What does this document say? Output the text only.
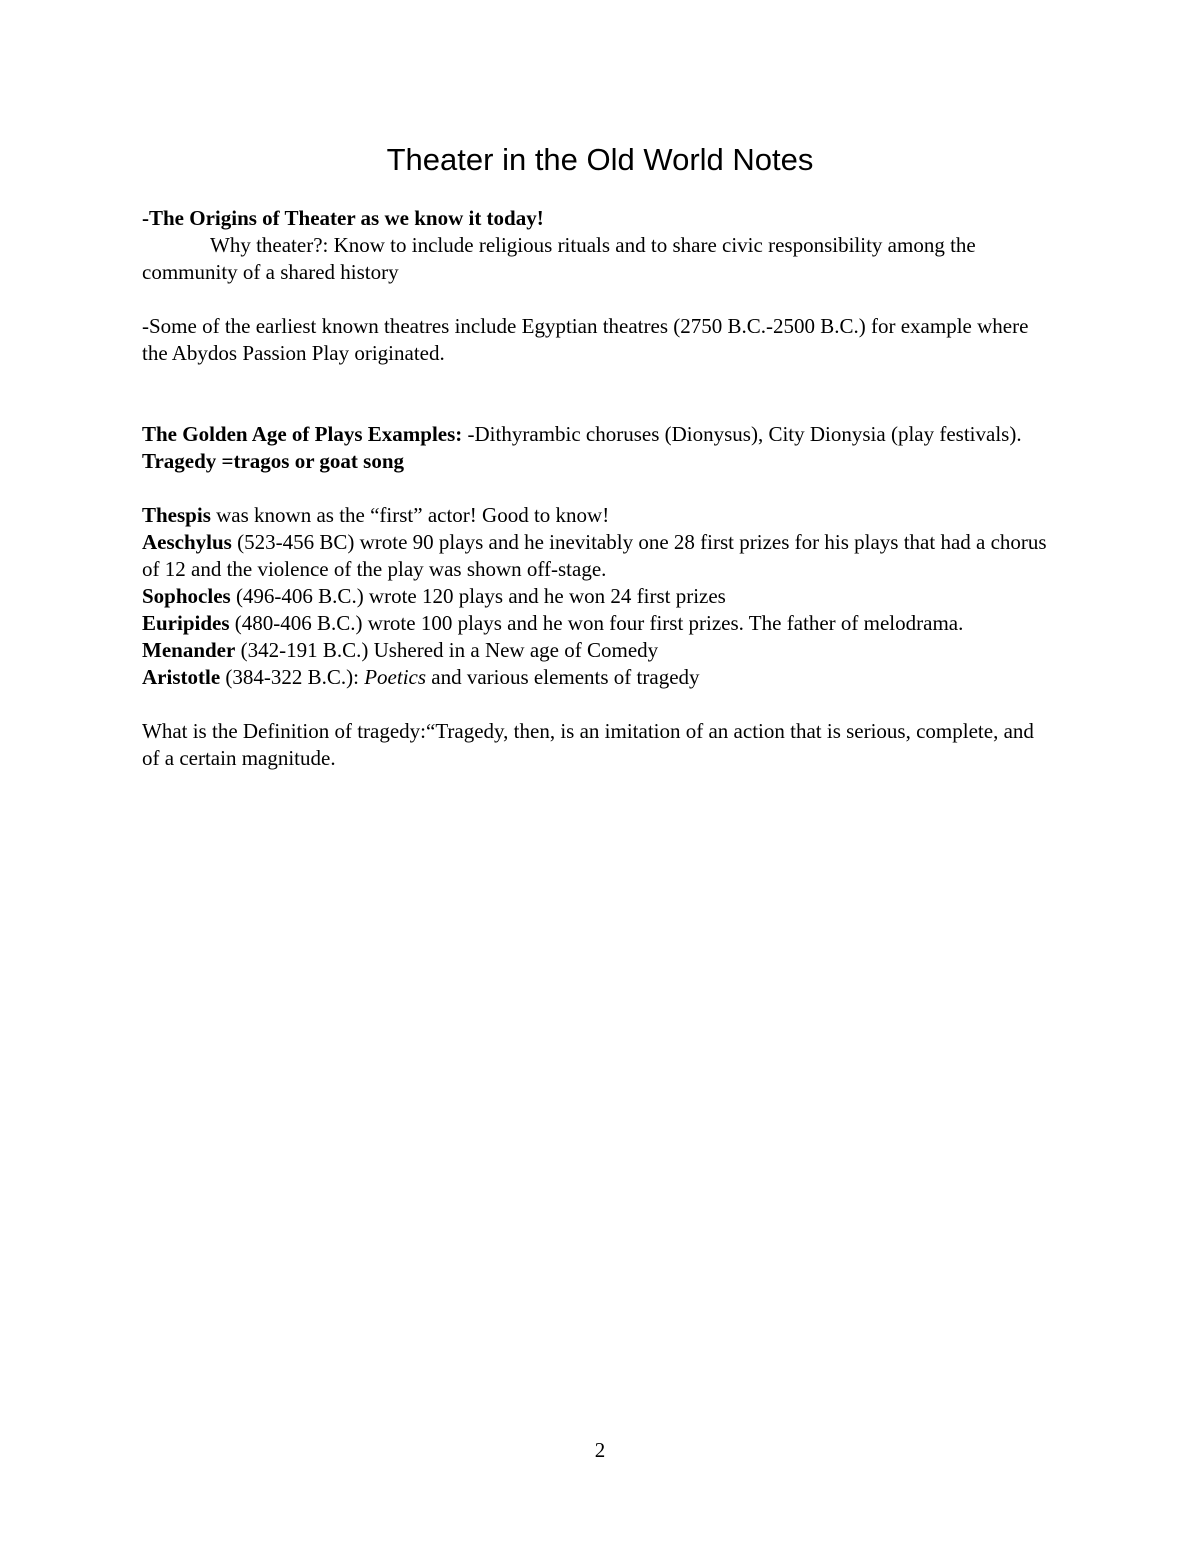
Theater in the Old World Notes

-The Origins of Theater as we know it today!

Why theater?: Know to include religious rituals and to share civic responsibility among the community of a shared history

-Some of the earliest known theatres include Egyptian theatres (2750 B.C.-2500 B.C.) for example where the Abydos Passion Play originated.

The Golden Age of Plays Examples: -Dithyrambic choruses (Dionysus), City Dionysia (play festivals). Tragedy =tragos or goat song

Thespis was known as the “first” actor! Good to know!

Aeschylus (523-456 BC) wrote 90 plays and he inevitably one 28 first prizes for his plays that had a chorus of 12 and the violence of the play was shown off-stage.

Sophocles (496-406 B.C.) wrote 120 plays and he won 24 first prizes

Euripides (480-406 B.C.) wrote 100 plays and he won four first prizes. The father of melodrama.

Menander (342-191 B.C.) Ushered in a New age of Comedy

Aristotle (384-322 B.C.): Poetics and various elements of tragedy

What is the Definition of tragedy:“Tragedy, then, is an imitation of an action that is serious, complete, and of a certain magnitude.

2
